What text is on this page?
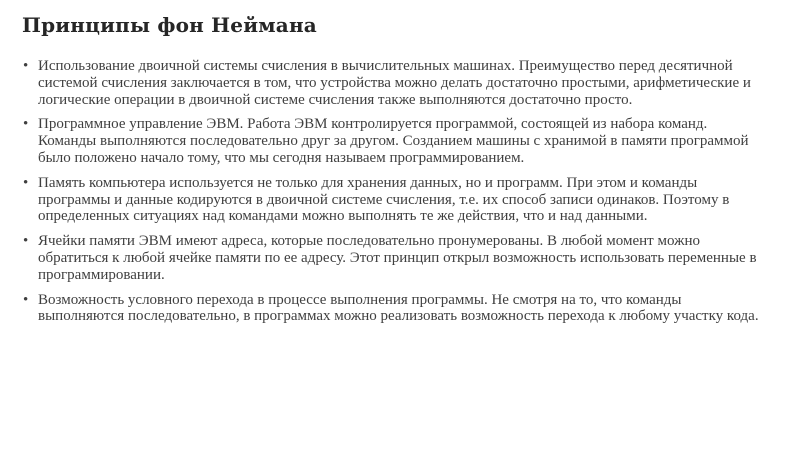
Принципы фон Неймана
• Использование двоичной системы счисления в вычислительных машинах. Преимущество перед десятичной системой счисления заключается в том, что устройства можно делать достаточно простыми, арифметические и логические операции в двоичной системе счисления также выполняются достаточно просто.
• Программное управление ЭВМ. Работа ЭВМ контролируется программой, состоящей из набора команд. Команды выполняются последовательно друг за другом. Созданием машины с хранимой в памяти программой было положено начало тому, что мы сегодня называем программированием.
• Память компьютера используется не только для хранения данных, но и программ. При этом и команды программы и данные кодируются в двоичной системе счисления, т.е. их способ записи одинаков. Поэтому в определенных ситуациях над командами можно выполнять те же действия, что и над данными.
• Ячейки памяти ЭВМ имеют адреса, которые последовательно пронумерованы. В любой момент можно обратиться к любой ячейке памяти по ее адресу. Этот принцип открыл возможность использовать переменные в программировании.
• Возможность условного перехода в процессе выполнения программы. Не смотря на то, что команды выполняются последовательно, в программах можно реализовать возможность перехода к любому участку кода.
